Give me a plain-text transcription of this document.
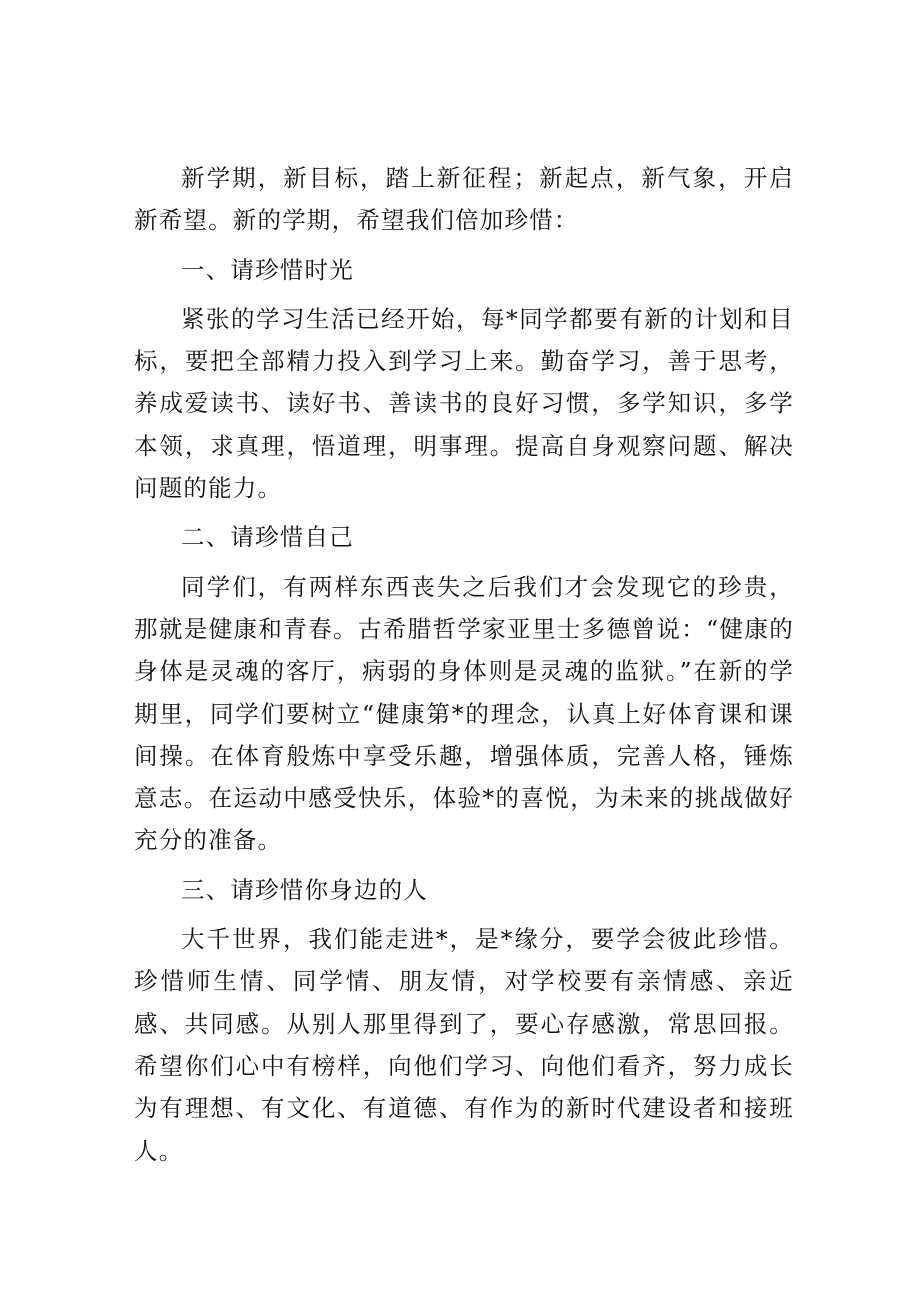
新学期，新目标，踏上新征程；新起点，新气象，开启新希望。新的学期，希望我们倍加珍惜：

一、请珍惜时光

紧张的学习生活已经开始，每*同学都要有新的计划和目标，要把全部精力投入到学习上来。勤奋学习，善于思考，养成爱读书、读好书、善读书的良好习惯，多学知识，多学本领，求真理，悟道理，明事理。提高自身观察问题、解决问题的能力。

二、请珍惜自己

同学们，有两样东西丧失之后我们才会发现它的珍贵，那就是健康和青春。古希腊哲学家亚里士多德曾说：“健康的身体是灵魂的客厅，病弱的身体则是灵魂的监狱。”在新的学期里，同学们要树立“健康第*的理念，认真上好体育课和课间操。在体育般炼中享受乐趣，增强体质，完善人格，锤炼意志。在运动中感受快乐，体验*的喜悦，为未来的挑战做好充分的准备。

三、请珍惜你身边的人

大千世界，我们能走进*，是*缘分，要学会彼此珍惜。珍惜师生情、同学情、朋友情，对学校要有亲情感、亲近感、共同感。从别人那里得到了，要心存感激，常思回报。希望你们心中有榜样，向他们学习、向他们看齐，努力成长为有理想、有文化、有道德、有作为的新时代建设者和接班人。
